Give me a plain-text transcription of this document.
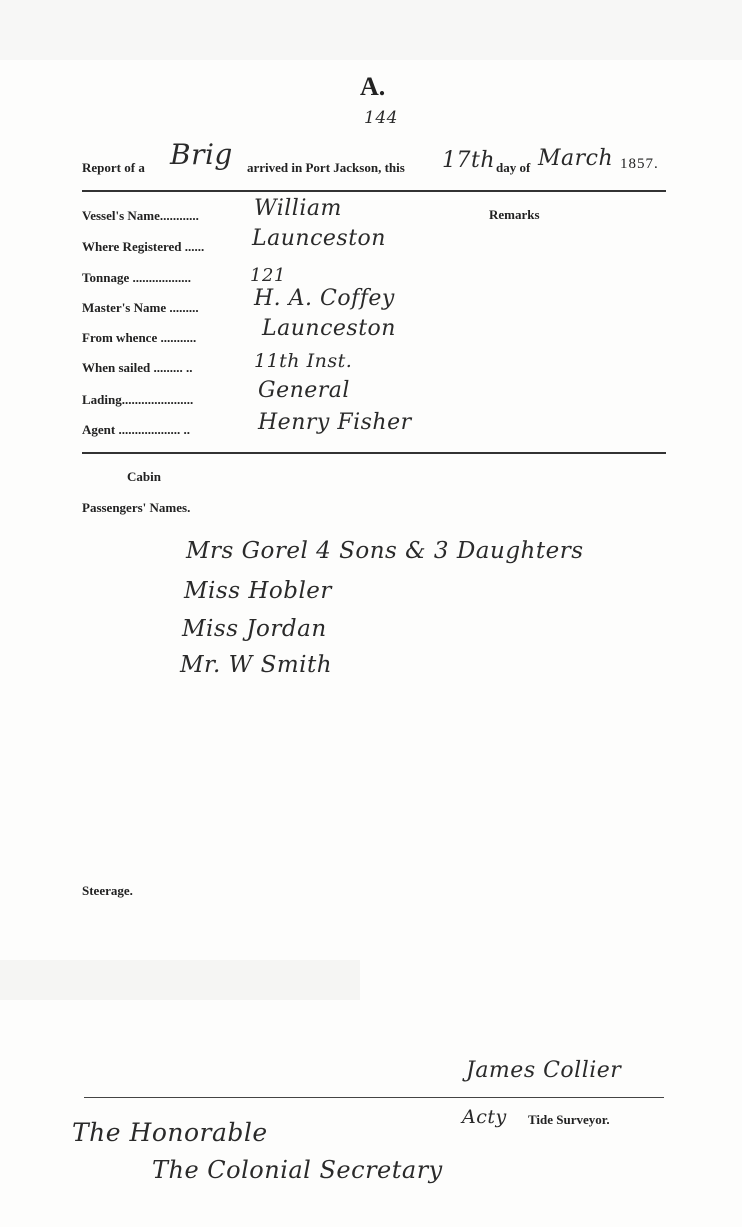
A.
144
Report of a Brig arrived in Port Jackson, this 17th day of March 1857.
Vessel's Name............	William	Remarks
Where Registered ...... Launceston
Tonnage ..................	121
Master's Name .........	H. A. Coffey
From whence ...........	Launceston
When sailed ......... ..	11th Inst.
Lading......................	General
Agent ................... ..	Henry Fisher
Cabin
Passengers' Names.
Mrs Gorel 4 Sons & 3 Daughters
Miss Hobler
Miss Jordan
Mr. W Smith
Steerage.
James Collier
Acty Tide Surveyor.
The Honorable
The Colonial Secretary
